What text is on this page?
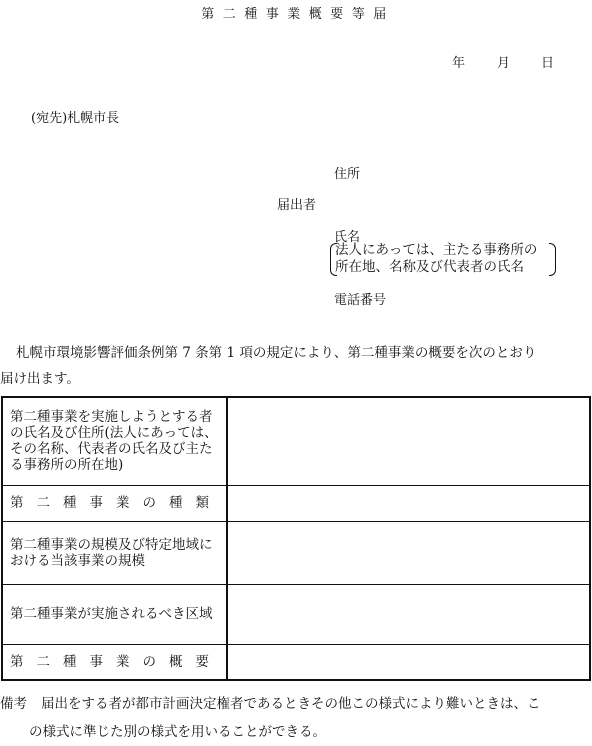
第二種事業概要等届
年 月 日
(宛先)札幌市長
住所
届出者
氏名
法人にあっては、主たる事務所の
所在地、名称及び代表者の氏名
電話番号
札幌市環境影響評価条例第 7 条第 1 項の規定により、第二種事業の概要を次のとおり
届け出ます。
第二種事業を実施しようとする者の氏名及び住所(法人にあっては、その名称、代表者の氏名及び主たる事務所の所在地)	
第二種事業の種類	
第二種事業の規模及び特定地域における当該事業の規模	
第二種事業が実施されるべき区域	
第二種事業の概要	
備考 届出をする者が都市計画決定権者であるときその他この様式により難いときは、こ
の様式に準じた別の様式を用いることができる。
